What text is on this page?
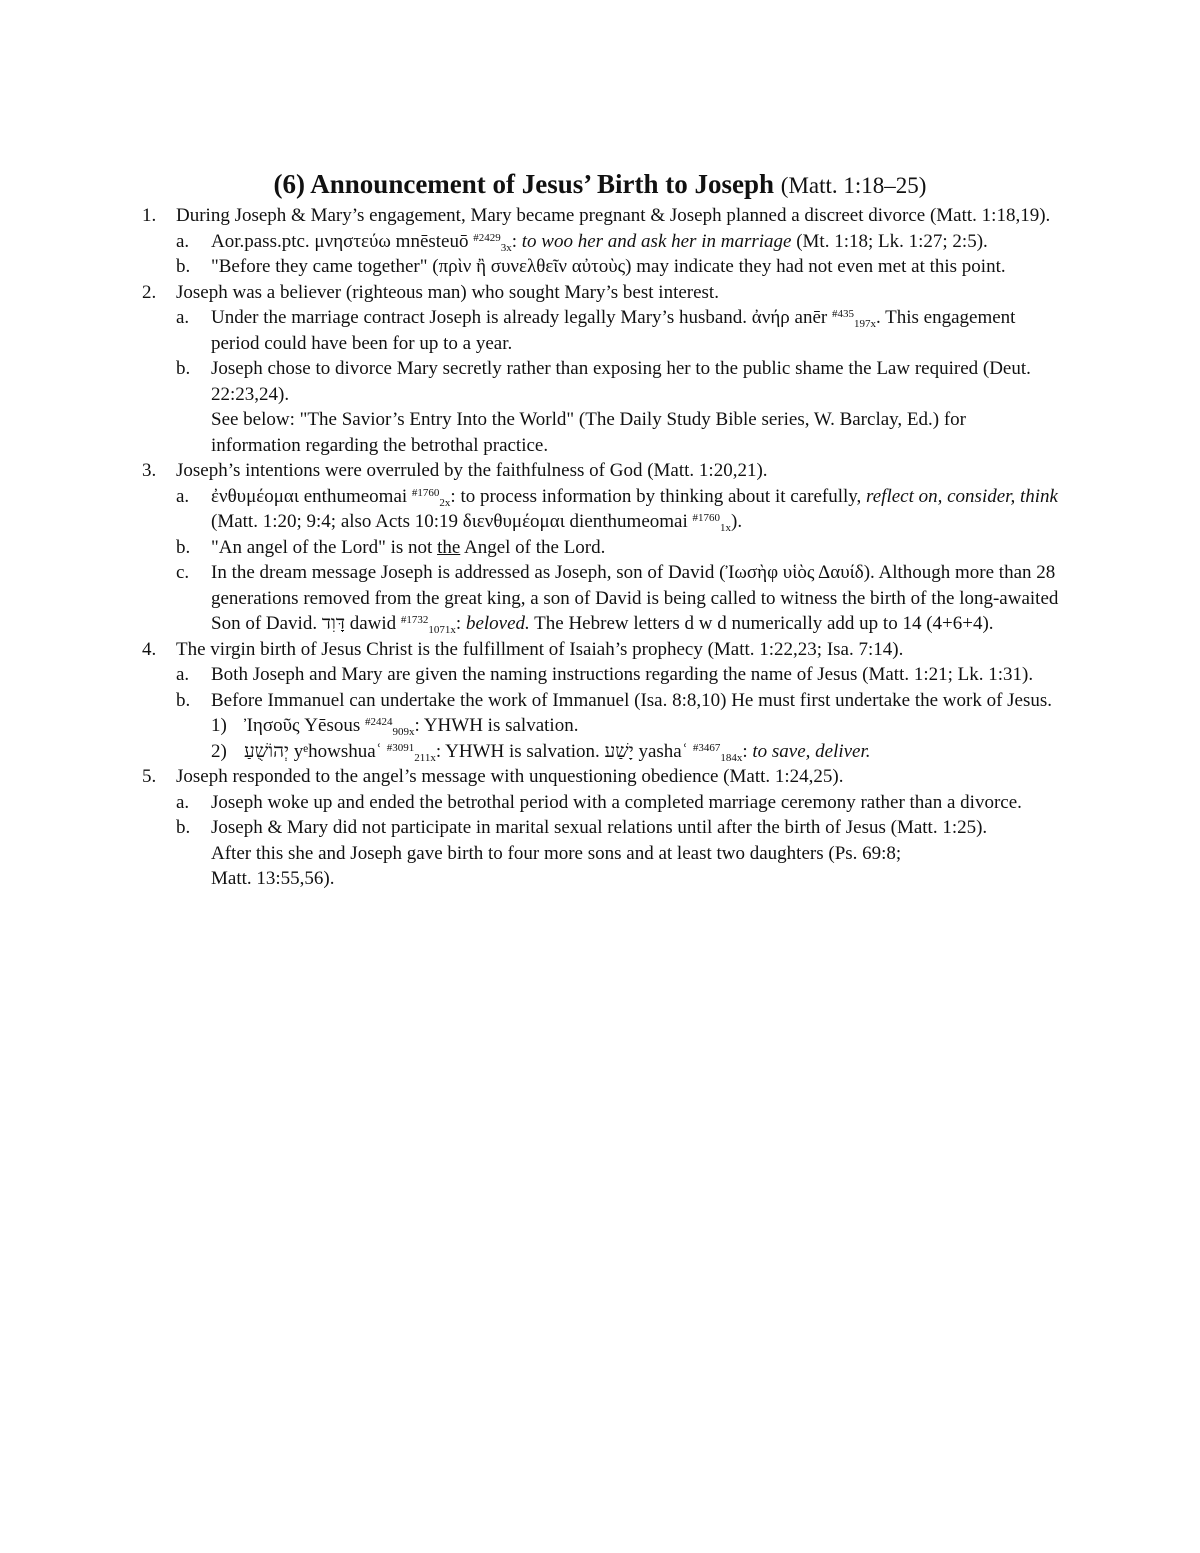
(6) Announcement of Jesus’ Birth to Joseph (Matt. 1:18–25)
1. During Joseph & Mary’s engagement, Mary became pregnant & Joseph planned a discreet divorce (Matt. 1:18,19).
a. Aor.pass.ptc. μνηστεύω mnēsteuō $^{\#2429}_{3x}$: to woo her and ask her in marriage (Mt. 1:18; Lk. 1:27; 2:5).
b. "Before they came together" (πρὶν ἢ συνελθεῖν αὐτοὺς) may indicate they had not even met at this point.
2. Joseph was a believer (righteous man) who sought Mary’s best interest.
a. Under the marriage contract Joseph is already legally Mary’s husband. ἀνήρ anēr $^{\#435}_{197x}$. This engagement period could have been for up to a year.
b. Joseph chose to divorce Mary secretly rather than exposing her to the public shame the Law required (Deut. 22:23,24).
See below: "The Savior’s Entry Into the World" (The Daily Study Bible series, W. Barclay, Ed.) for information regarding the betrothal practice.
3. Joseph’s intentions were overruled by the faithfulness of God (Matt. 1:20,21).
a. ἐνθυμέομαι enthumeomai $^{\#1760}_{2x}$: to process information by thinking about it carefully, reflect on, consider, think (Matt. 1:20; 9:4; also Acts 10:19 διενθυμέομαι dienthumeomai $^{\#1760}_{1x}$).
b. "An angel of the Lord" is not the Angel of the Lord.
c. In the dream message Joseph is addressed as Joseph, son of David (Ἰωσὴφ υἱὸς Δαυίδ). Although more than 28 generations removed from the great king, a son of David is being called to witness the birth of the long-awaited Son of David. דָּוִד dawid $^{\#1732}_{1071x}$: beloved. The Hebrew letters d w d numerically add up to 14 (4+6+4).
4. The virgin birth of Jesus Christ is the fulfillment of Isaiah’s prophecy (Matt. 1:22,23; Isa. 7:14).
a. Both Joseph and Mary are given the naming instructions regarding the name of Jesus (Matt. 1:21; Lk. 1:31).
b. Before Immanuel can undertake the work of Immanuel (Isa. 8:8,10) He must first undertake the work of Jesus.
1) Ἰησοῦς Yēsous $^{\#2424}_{909x}$: YHWH is salvation.
2) יְהוֹשֻׁעַ yᵉhowshuaʿ $^{\#3091}_{211x}$: YHWH is salvation. יָשַׁע yashaʿ $^{\#3467}_{184x}$: to save, deliver.
5. Joseph responded to the angel’s message with unquestioning obedience (Matt. 1:24,25).
a. Joseph woke up and ended the betrothal period with a completed marriage ceremony rather than a divorce.
b. Joseph & Mary did not participate in marital sexual relations until after the birth of Jesus (Matt. 1:25).
After this she and Joseph gave birth to four more sons and at least two daughters (Ps. 69:8;
Matt. 13:55,56).
